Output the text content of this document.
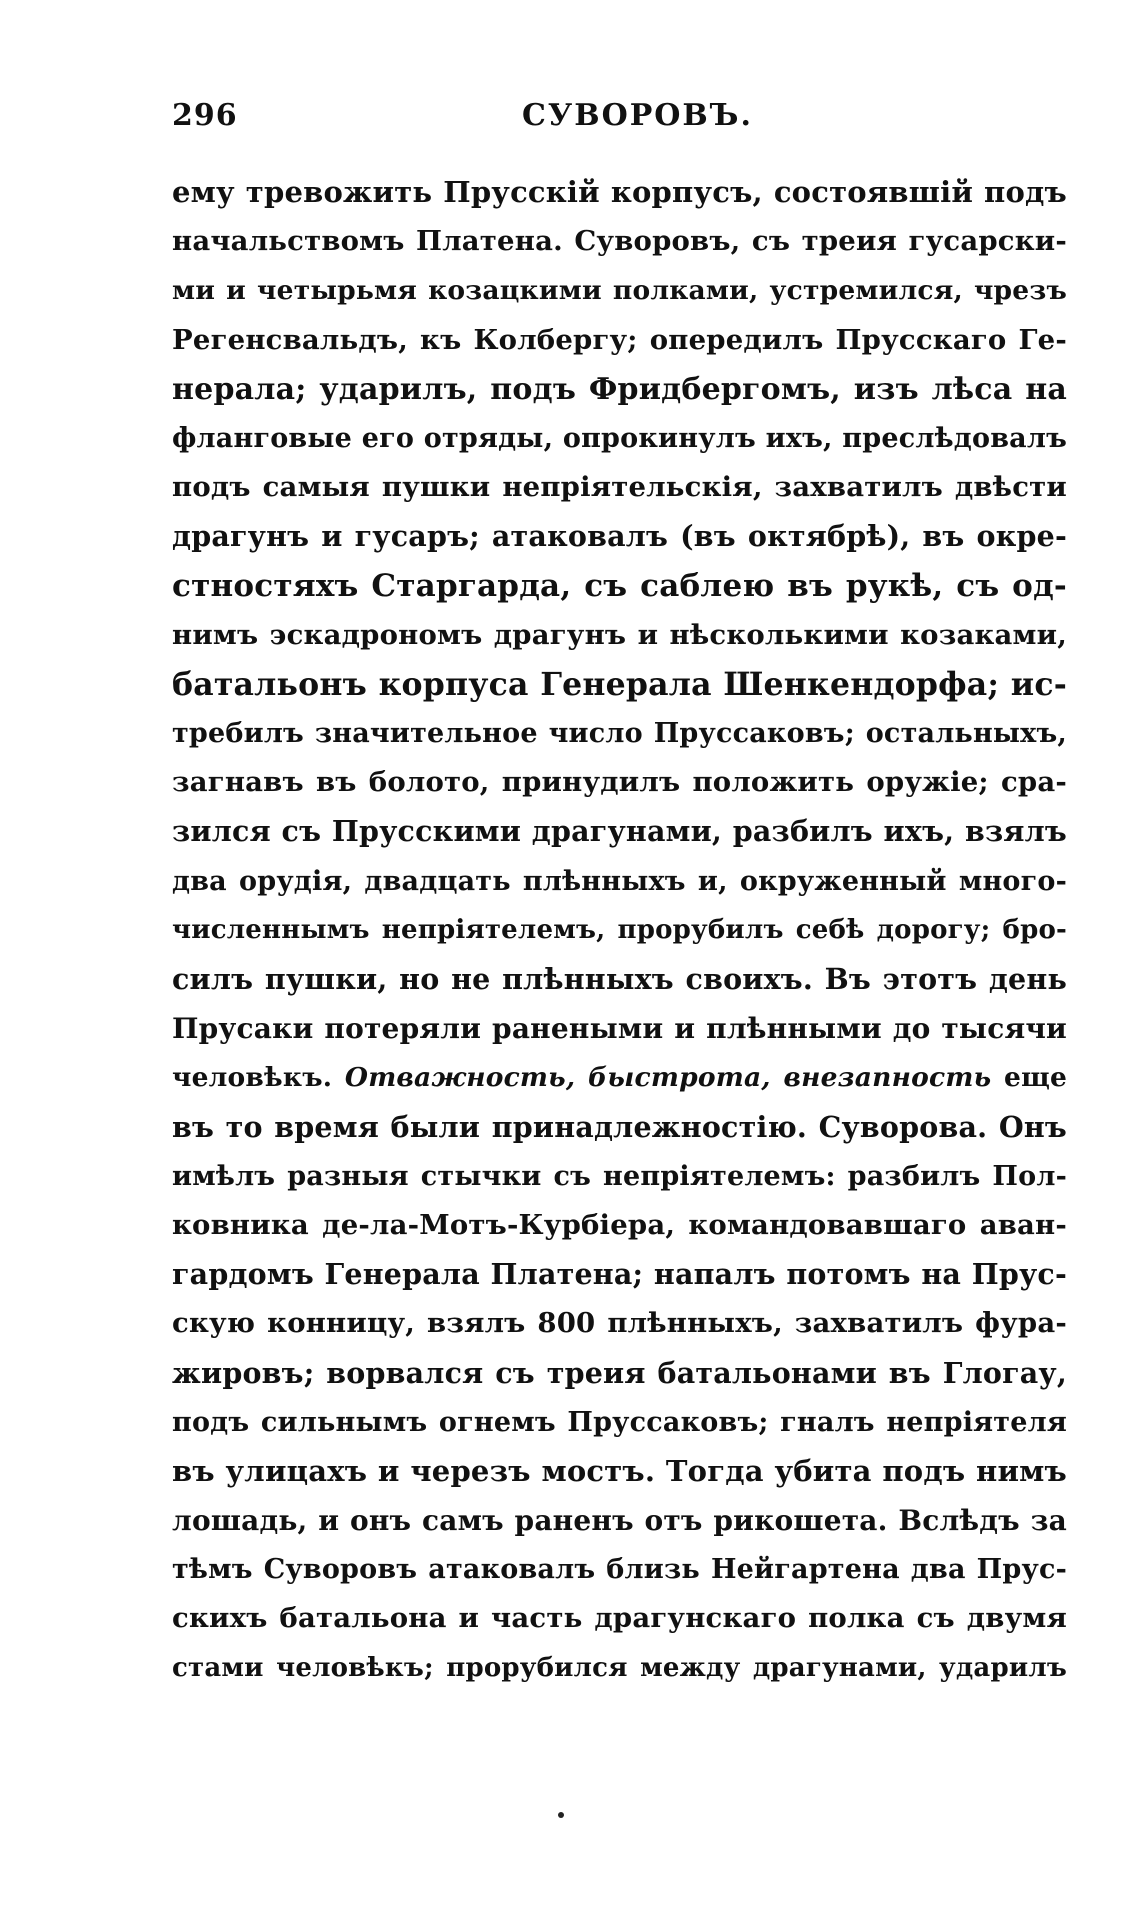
296	СУВОРОВЪ.
ему тревожить Прусскій корпусъ, состоявшій подъ
начальствомъ Платена. Суворовъ, съ треия гусарски-
ми и четырьмя козацкими полками, устремился, чрезъ
Регенсвальдъ, къ Колбергу; опередилъ Прусскаго Ге-
нерала; ударилъ, подъ Фридбергомъ, изъ лѣса на
фланговые его отряды, опрокинулъ ихъ, преслѣдовалъ
подъ самыя пушки непріятельскія, захватилъ двѣсти
драгунъ и гусаръ; атаковалъ (въ октябрѣ), въ окре-
стностяхъ Старгарда, съ саблею въ рукѣ, съ од-
нимъ эскадрономъ драгунъ и нѣсколькими козаками,
батальонъ корпуса Генерала Шенкендорфа; ис-
требилъ значительное число Пруссаковъ; остальныхъ,
загнавъ въ болото, принудилъ положить оружіе; сра-
зился съ Прусскими драгунами, разбилъ ихъ, взялъ
два орудія, двадцать плѣнныхъ и, окруженный много-
численнымъ непріятелемъ, прорубилъ себѣ дорогу; бро-
силъ пушки, но не плѣнныхъ своихъ. Въ этотъ день
Прусаки потеряли ранеными и плѣнными до тысячи
человѣкъ. Отважность, быстрота, внезапность еще
въ то время были принадлежностію. Суворова. Онъ
имѣлъ разныя стычки съ непріятелемъ: разбилъ Пол-
ковника де-ла-Мотъ-Курбіера, командовавшаго аван-
гардомъ Генерала Платена; напалъ потомъ на Прус-
скую конницу, взялъ 800 плѣнныхъ, захватилъ фура-
жировъ; ворвался съ треия батальонами въ Глогау,
подъ сильнымъ огнемъ Пруссаковъ; гналъ непріятеля
въ улицахъ и черезъ мостъ. Тогда убита подъ нимъ
лошадь, и онъ самъ раненъ отъ рикошета. Вслѣдъ за
тѣмъ Суворовъ атаковалъ близь Нейгартена два Прус-
скихъ батальона и часть драгунскаго полка съ двумя
стами человѣкъ; прорубился между драгунами, ударилъ
